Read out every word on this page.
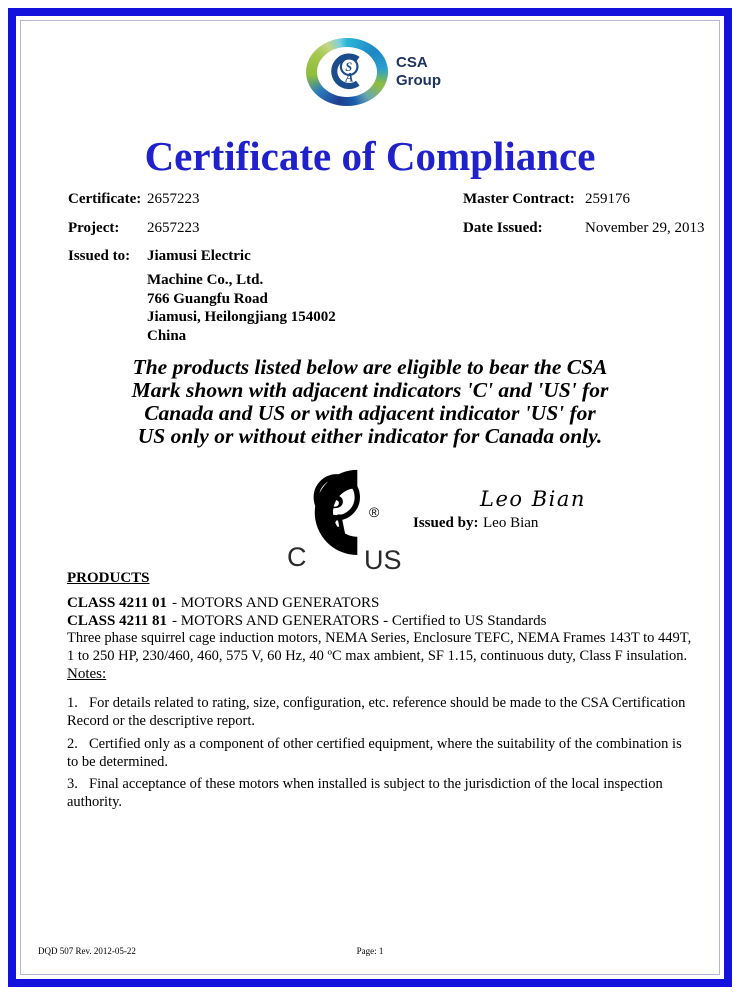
S
A
CSA
Group
Certificate of Compliance
Certificate: 2657223	Master Contract: 259176
Project: 2657223	Date Issued:	November 29, 2013
Issued to: Jiamusi Electric
Machine Co., Ltd.
766 Guangfu Road
Jiamusi, Heilongjiang 154002
China
The products listed below are eligible to bear the CSA
Mark shown with adjacent indicators 'C' and 'US' for
Canada and US or with adjacent indicator 'US' for
US only or without either indicator for Canada only.
S
A ®
C US
Leo Bian
Issued by: Leo Bian
PRODUCTS
CLASS 4211 01 - MOTORS AND GENERATORS
CLASS 4211 81 - MOTORS AND GENERATORS - Certified to US Standards
Three phase squirrel cage induction motors, NEMA Series, Enclosure TEFC, NEMA Frames 143T to 449T, 1 to 250 HP, 230/460, 460, 575 V, 60 Hz, 40 ºC max ambient, SF 1.15, continuous duty, Class F insulation.
Notes:
1. For details related to rating, size, configuration, etc. reference should be made to the CSA Certification Record or the descriptive report.
2. Certified only as a component of other certified equipment, where the suitability of the combination is to be determined.
3. Final acceptance of these motors when installed is subject to the jurisdiction of the local inspection authority.
DQD 507 Rev. 2012-05-22	Page: 1
